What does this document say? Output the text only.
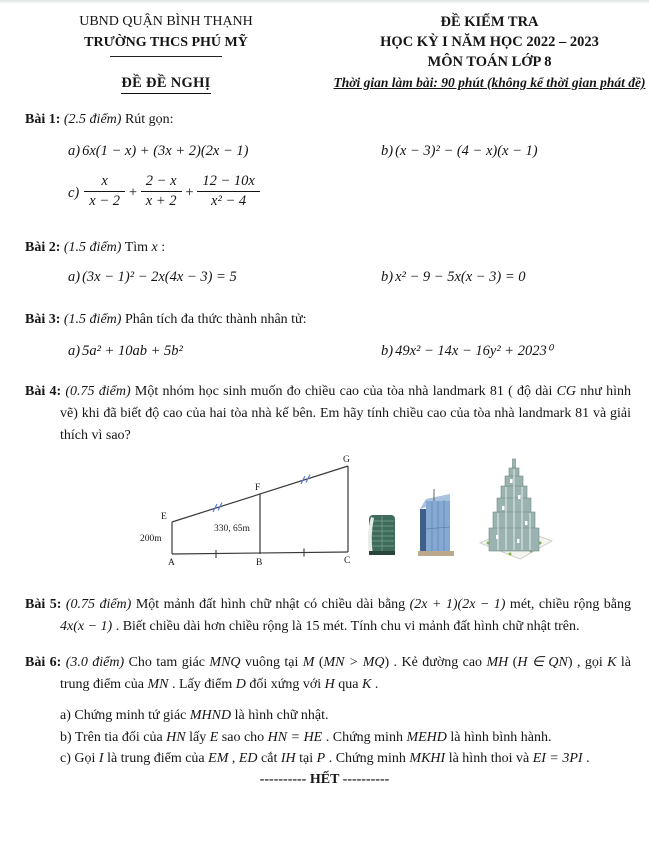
UBND QUẬN BÌNH THẠNH
TRƯỜNG THCS PHÚ MỸ
ĐỀ ĐỀ NGHỊ
ĐỀ KIỂM TRA
HỌC KỲ I NĂM HỌC 2022 – 2023
MÔN TOÁN LỚP 8
Thời gian làm bài: 90 phút (không kể thời gian phát đề)
Bài 1: (2.5 điểm) Rút gọn:
a) 6x(1 − x) + (3x + 2)(2x − 1)	b) (x − 3)² − (4 − x)(x − 1)
$c) \frac{x}{x - 2} + \frac{2 - x}{x + 2} + \frac{12 - 10x}{\text{x² − 4}}$
Bài 2: (1.5 điểm) Tìm x :
a) (3x − 1)² − 2x(4x − 3) = 5	b) x² − 9 − 5x(x − 3) = 0
Bài 3: (1.5 điểm) Phân tích đa thức thành nhân tử:
a) 5a² + 10ab + 5b²	b) 49x² − 14x − 16y² + 2023⁰
Bài 4: (0.75 điểm) Một nhóm học sinh muốn đo chiều cao của tòa nhà landmark 81 ( độ dài CG như hình vẽ) khi đã biết độ cao của hai tòa nhà kế bên. Em hãy tính chiều cao của tòa nhà landmark 81 và giải thích vì sao?
A	B	C
E
F
G
200m
330, 65m
Bài 5: (0.75 điểm) Một mảnh đất hình chữ nhật có chiều dài bằng (2x + 1)(2x − 1) mét, chiều rộng bằng 4x(x − 1) . Biết chiều dài hơn chiều rộng là 15 mét. Tính chu vi mảnh đất hình chữ nhật trên.
Bài 6: (3.0 điểm) Cho tam giác MNQ vuông tại M (MN > MQ) . Kẻ đường cao MH (H ∈ QN) , gọi K là trung điểm của MN . Lấy điểm D đối xứng với H qua K .
a) Chứng minh tứ giác MHND là hình chữ nhật.
b) Trên tia đối của HN lấy E sao cho HN = HE . Chứng minh MEHD là hình bình hành.
c) Gọi I là trung điểm của EM , ED cắt IH tại P . Chứng minh MKHI là hình thoi và EI = 3PI .
---------- HẾT ----------
